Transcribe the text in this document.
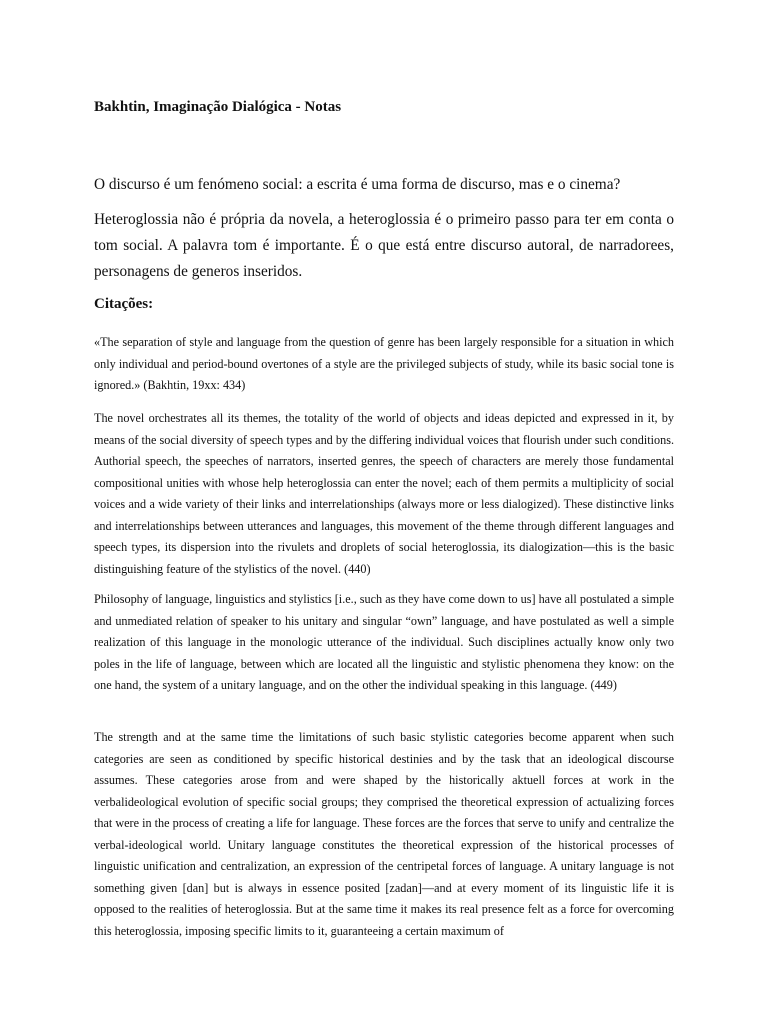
Bakhtin, Imaginação Dialógica - Notas

O discurso é um fenómeno social: a escrita é uma forma de discurso, mas e o cinema?

Heteroglossia não é própria da novela, a heteroglossia é o primeiro passo para ter em conta o tom social. A palavra tom é importante. É o que está entre discurso autoral, de narradorees, personagens de generos inseridos.

Citações:

«The separation of style and language from the question of genre has been largely responsible for a situation in which only individual and period-bound overtones of a style are the privileged subjects of study, while its basic social tone is ignored.» (Bakhtin, 19xx: 434)

The novel orchestrates all its themes, the totality of the world of objects and ideas depicted and expressed in it, by means of the social diversity of speech types and by the differing individual voices that flourish under such conditions. Authorial speech, the speeches of narrators, inserted genres, the speech of characters are merely those fundamental compositional unities with whose help heteroglossia can enter the novel; each of them permits a multiplicity of social voices and a wide variety of their links and interrelationships (always more or less dialogized). These distinctive links and interrelationships between utterances and languages, this movement of the theme through different languages and speech types, its dispersion into the rivulets and droplets of social heteroglossia, its dialogization—this is the basic distinguishing feature of the stylistics of the novel. (440)

Philosophy of language, linguistics and stylistics [i.e., such as they have come down to us] have all postulated a simple and unmediated relation of speaker to his unitary and singular “own” language, and have postulated as well a simple realization of this language in the monologic utterance of the individual. Such disciplines actually know only two poles in the life of language, between which are located all the linguistic and stylistic phenomena they know: on the one hand, the system of a unitary language, and on the other the individual speaking in this language. (449)

The strength and at the same time the limitations of such basic stylistic categories become apparent when such categories are seen as conditioned by specific historical destinies and by the task that an ideological discourse assumes. These categories arose from and were shaped by the historically aktuell forces at work in the verbalideological evolution of specific social groups; they comprised the theoretical expression of actualizing forces that were in the process of creating a life for language. These forces are the forces that serve to unify and centralize the verbal-ideological world. Unitary language constitutes the theoretical expression of the historical processes of linguistic unification and centralization, an expression of the centripetal forces of language. A unitary language is not something given [dan] but is always in essence posited [zadan]—and at every moment of its linguistic life it is opposed to the realities of heteroglossia. But at the same time it makes its real presence felt as a force for overcoming this heteroglossia, imposing specific limits to it, guaranteeing a certain maximum of
